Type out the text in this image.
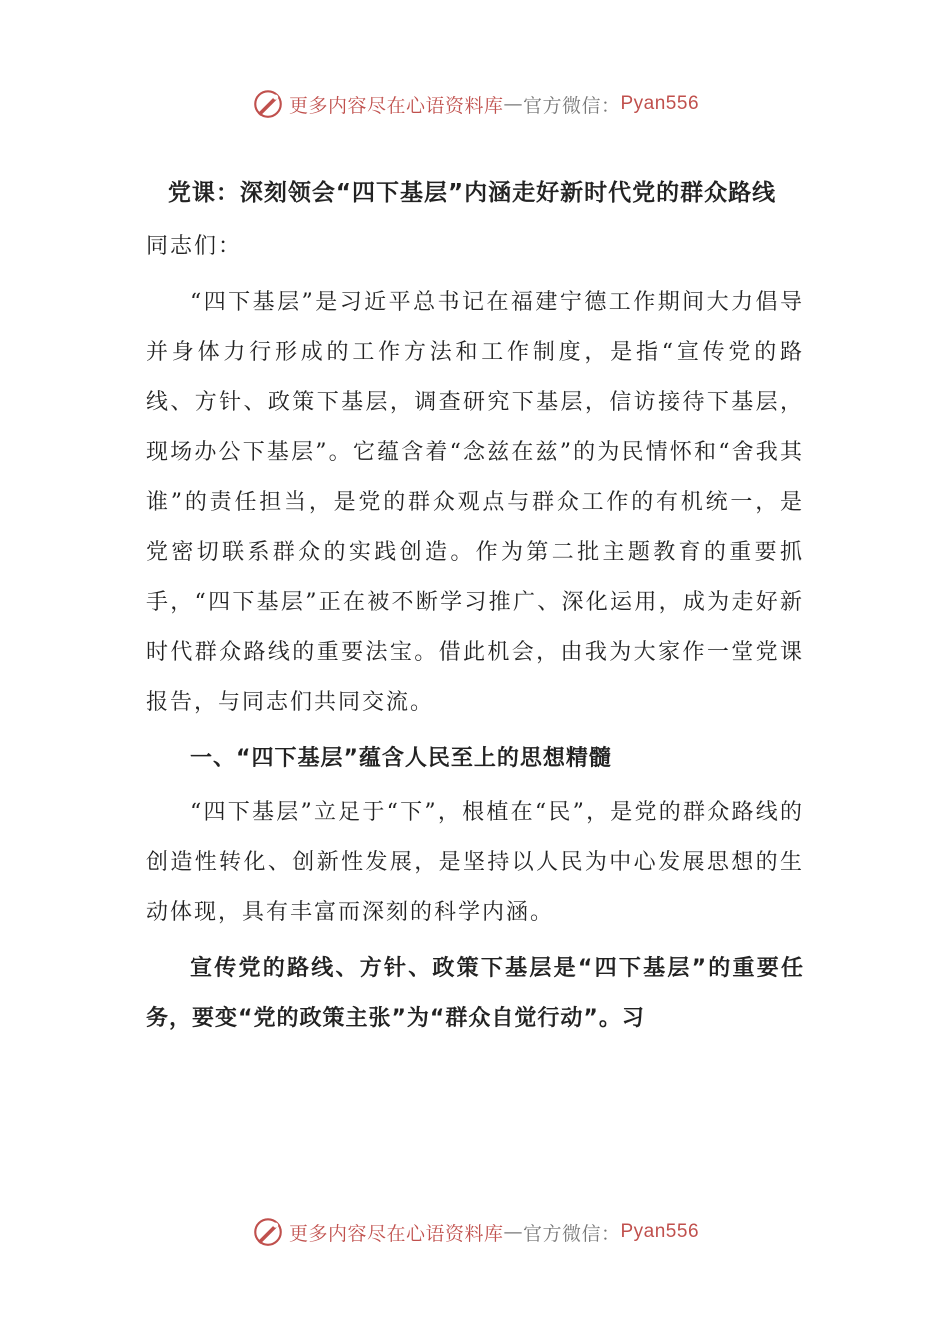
更多内容尽在心语资料库 — 官方微信： Pyan556
党课：深刻领会“四下基层”内涵走好新时代党的群众路线

同志们：

“四下基层”是习近平总书记在福建宁德工作期间大力倡导并身体力行形成的工作方法和工作制度，是指“宣传党的路线、方针、政策下基层，调查研究下基层，信访接待下基层，现场办公下基层”。它蕴含着“念兹在兹”的为民情怀和“舍我其谁”的责任担当，是党的群众观点与群众工作的有机统一，是党密切联系群众的实践创造。作为第二批主题教育的重要抓手，“四下基层”正在被不断学习推广、深化运用，成为走好新时代群众路线的重要法宝。借此机会，由我为大家作一堂党课报告，与同志们共同交流。

一、“四下基层”蕴含人民至上的思想精髓

“四下基层”立足于“下”，根植在“民”，是党的群众路线的创造性转化、创新性发展，是坚持以人民为中心发展思想的生动体现，具有丰富而深刻的科学内涵。

宣传党的路线、方针、政策下基层是“四下基层”的重要任务，要变“党的政策主张”为“群众自觉行动”。习

更多内容尽在心语资料库 — 官方微信： Pyan556
